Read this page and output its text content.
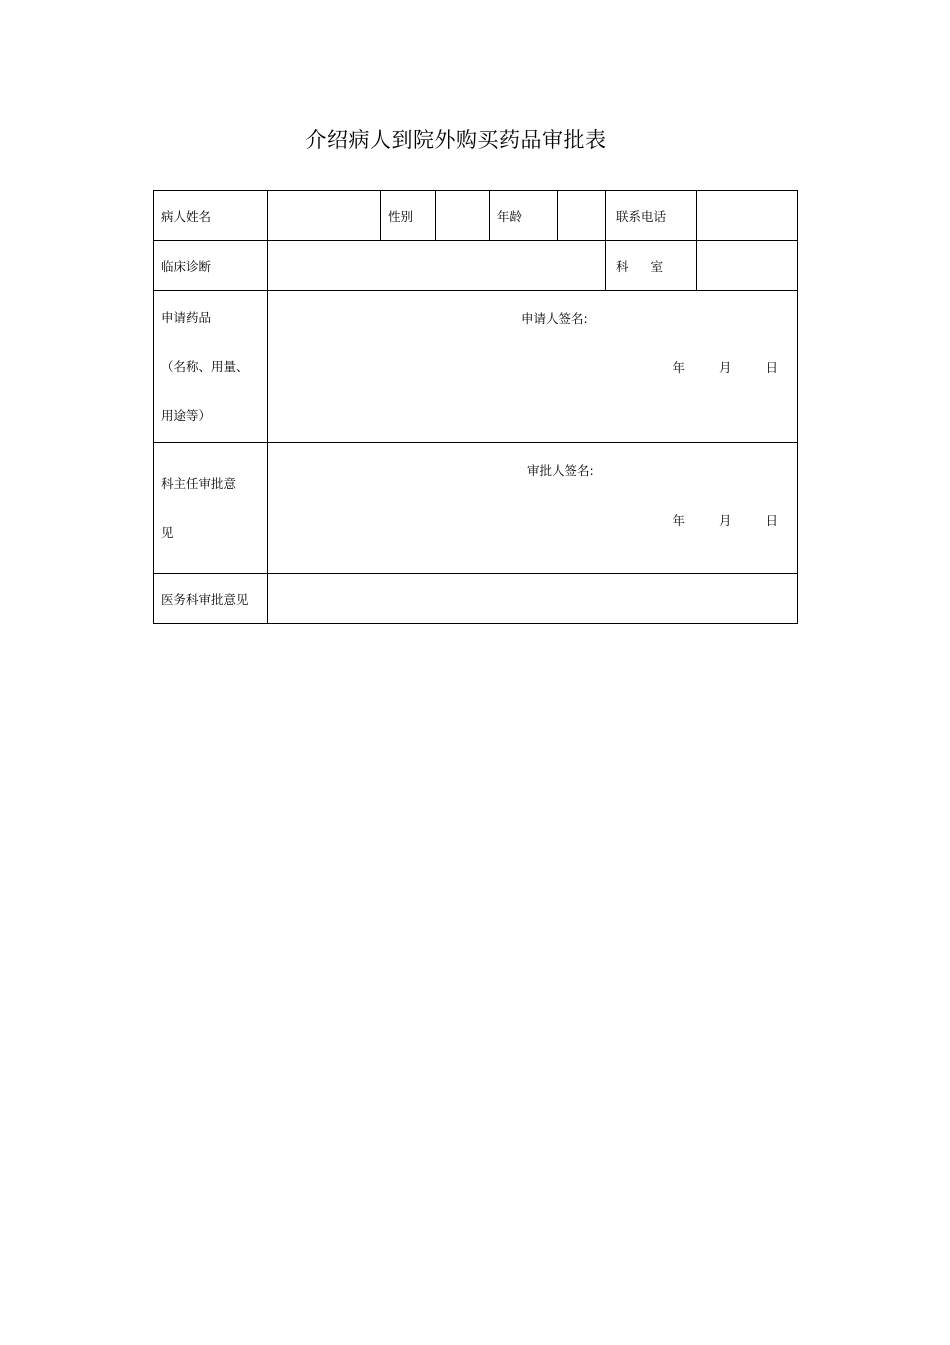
介绍病人到院外购买药品审批表
病人姓名		性别		年龄		联系电话	
临床诊断						科 室	

申请药品
（名称、用量、
用途等）	申请人签名:
年 月 日						

科主任审批意
见	审批人签名:
年 月 日						

医务科审批意见							
